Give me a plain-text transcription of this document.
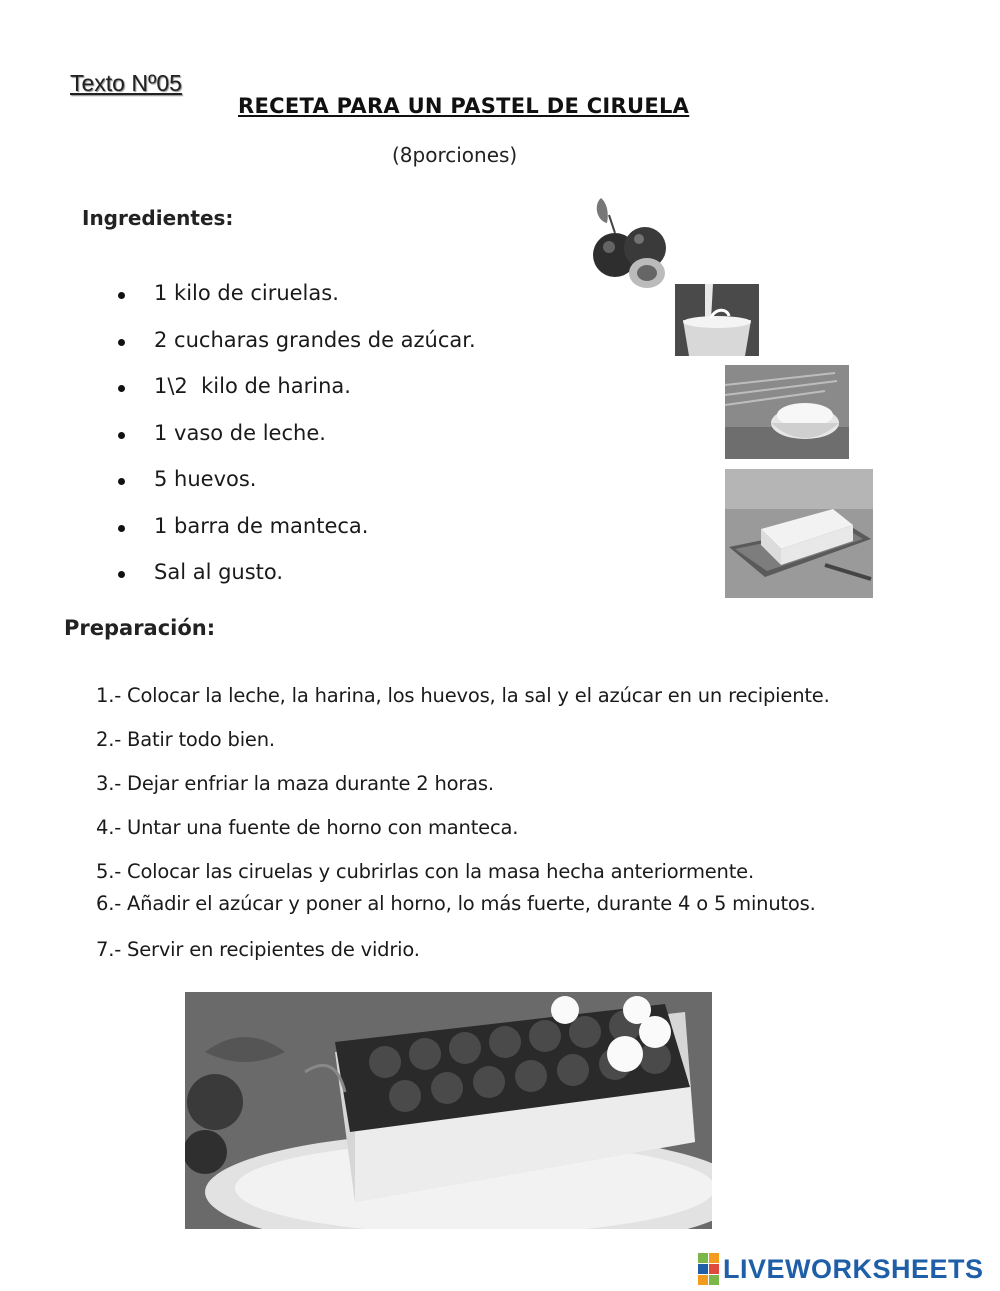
Texto Nº05
RECETA PARA UN PASTEL DE CIRUELA
(8porciones)
Ingredientes:
1 kilo de ciruelas.
2 cucharas grandes de azúcar.
1\2  kilo de harina.
1 vaso de leche.
5 huevos.
1 barra de manteca.
Sal al gusto.
Preparación:
1.- Colocar la leche, la harina, los huevos, la sal y el azúcar en un recipiente.
2.- Batir todo bien.
3.- Dejar enfriar la maza durante 2 horas.
4.- Untar una fuente de horno con manteca.
5.- Colocar las ciruelas y cubrirlas con la masa hecha anteriormente.
6.- Añadir el azúcar y poner al horno, lo más fuerte, durante 4 o 5 minutos.
7.- Servir en recipientes de vidrio.
LIVEWORKSHEETS
